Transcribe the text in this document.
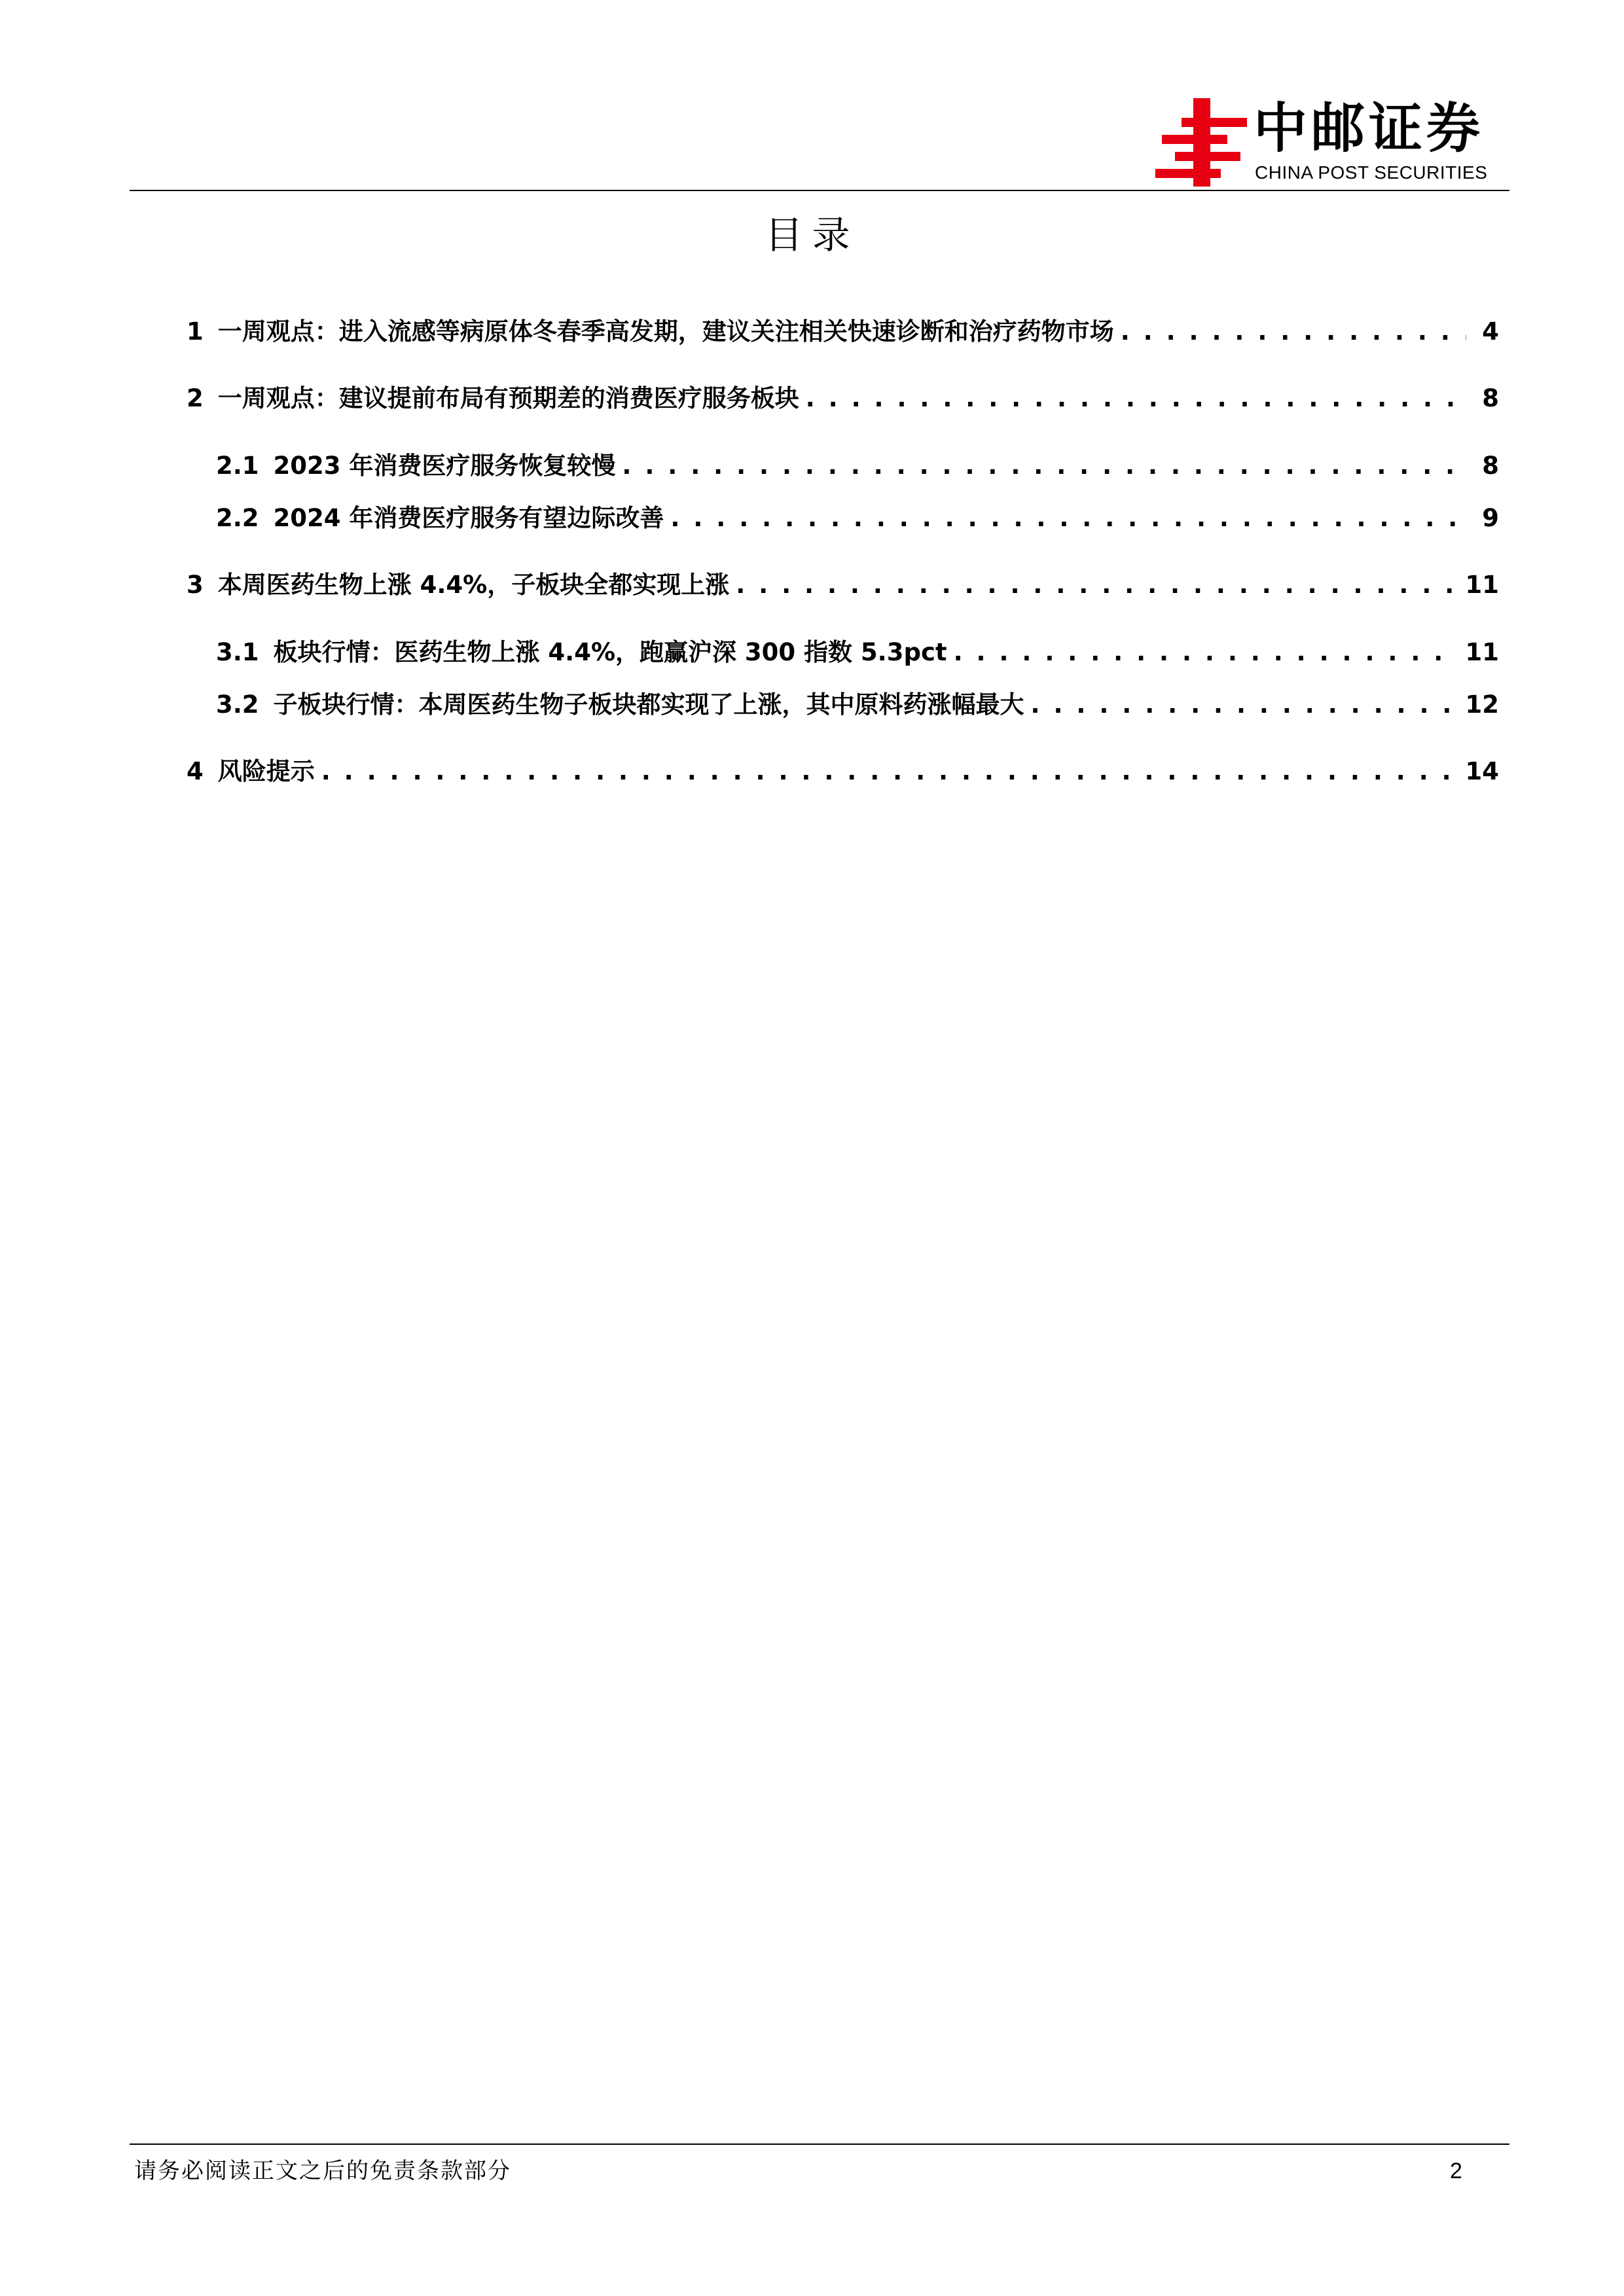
中邮证券
CHINA POST SECURITIES
目录
1 一周观点：进入流感等病原体冬春季高发期，建议关注相关快速诊断和治疗药物市场 . . .	4
2 一周观点：建议提前布局有预期差的消费医疗服务板块 . . .	8
2.1 2023 年消费医疗服务恢复较慢 . . .	8
2.2 2024 年消费医疗服务有望边际改善 . . .	9
3 本周医药生物上涨 4.4%，子板块全都实现上涨 . . .	11
3.1 板块行情：医药生物上涨 4.4%，跑赢沪深 300 指数 5.3pct . . .	11
3.2 子板块行情：本周医药生物子板块都实现了上涨，其中原料药涨幅最大 . . .	12
4 风险提示 . . .	14
请务必阅读正文之后的免责条款部分	2
